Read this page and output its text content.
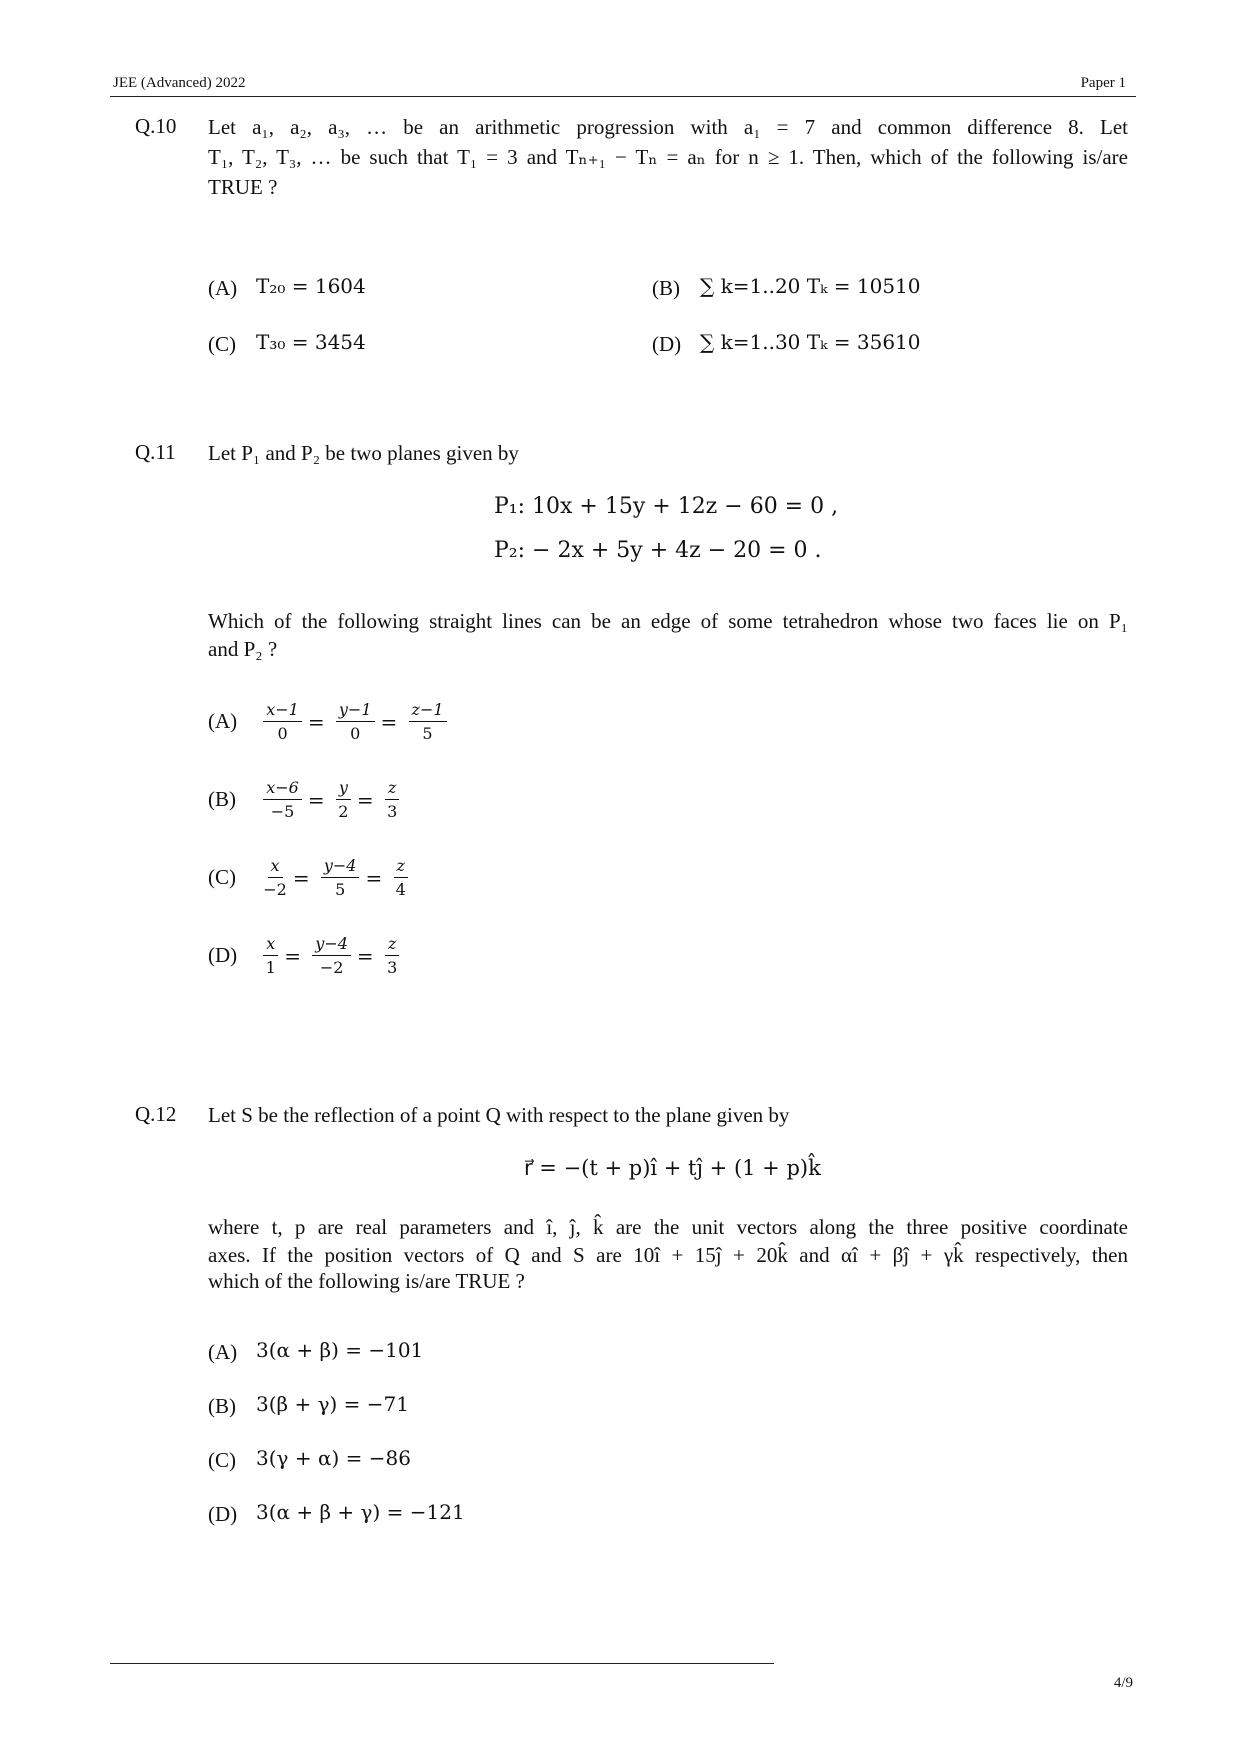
JEE (Advanced) 2022	Paper 1
Q.10 Let a₁, a₂, a₃, … be an arithmetic progression with a₁ = 7 and common difference 8. Let
T₁, T₂, T₃, … be such that T₁ = 3 and Tₙ₊₁ − Tₙ = aₙ for n ≥ 1. Then, which of the following is/are
TRUE ?
(A) T₂₀ = 1604	(B) ∑ k=1..20 Tₖ = 10510
(C) T₃₀ = 3454	(D) ∑ k=1..30 Tₖ = 35610
Q.11 Let P₁ and P₂ be two planes given by
P₁: 10x + 15y + 12z − 60 = 0 ,
P₂: − 2x + 5y + 4z − 20 = 0 .
Which of the following straight lines can be an edge of some tetrahedron whose two faces lie on P₁
and P₂ ?
$(A) \frac{x-1}{0} = \frac{y-1}{0} = \frac{z-1}{5}$
$(B) \frac{x-6}{-5} = \frac{y}{2} = \frac{z}{3}$
$(C) \frac{x}{-2} = \frac{y-4}{5} = \frac{z}{4}$
$(D) \frac{x}{1} = \frac{y-4}{-2} = \frac{z}{3}$
Q.12 Let S be the reflection of a point Q with respect to the plane given by
r⃗ = −(t + p)î + tĵ + (1 + p)k̂
where t, p are real parameters and î, ĵ, k̂ are the unit vectors along the three positive coordinate
axes. If the position vectors of Q and S are 10î + 15ĵ + 20k̂ and αî + βĵ + γk̂ respectively, then
which of the following is/are TRUE ?
(A) 3(α + β) = −101
(B) 3(β + γ) = −71
(C) 3(γ + α) = −86
(D) 3(α + β + γ) = −121
4/9
